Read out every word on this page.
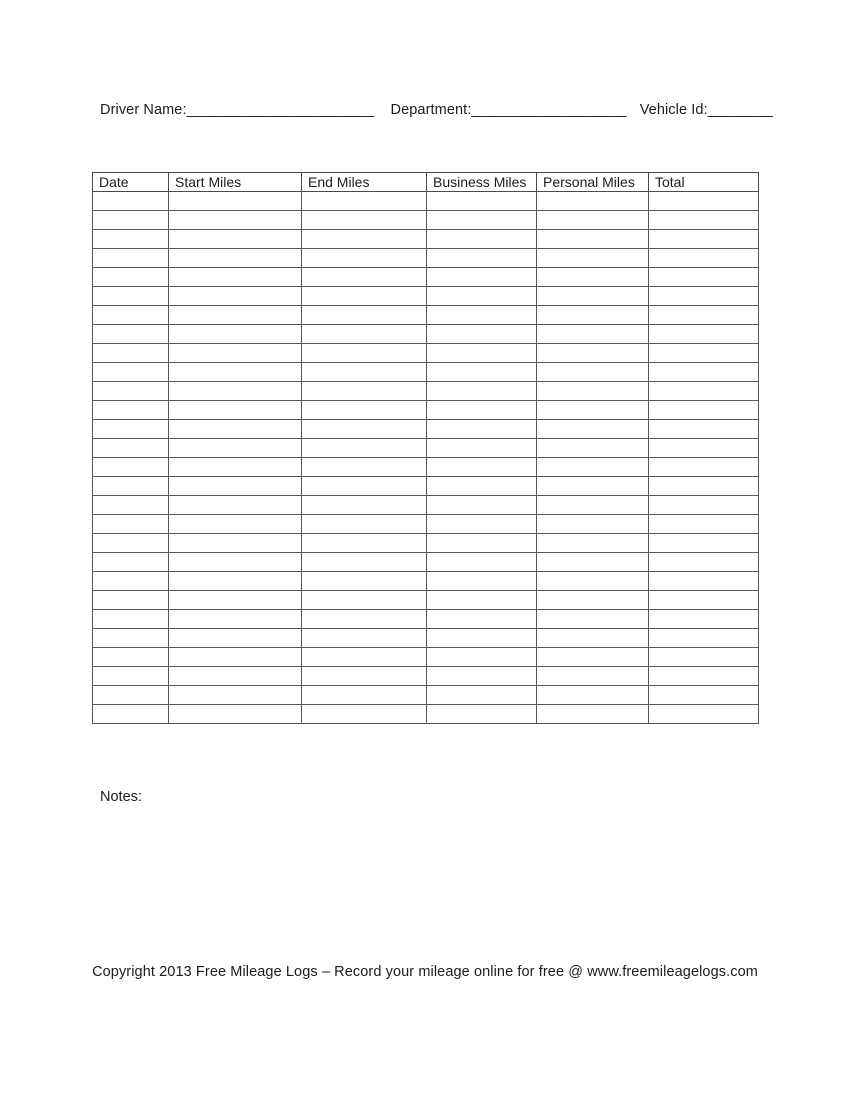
Driver Name:_______________________ Department:___________________ Vehicle Id:________
Date	Start Miles	End Miles	Business Miles	Personal Miles	Total

Notes:
Copyright 2013 Free Mileage Logs – Record your mileage online for free @ www.freemileagelogs.com
